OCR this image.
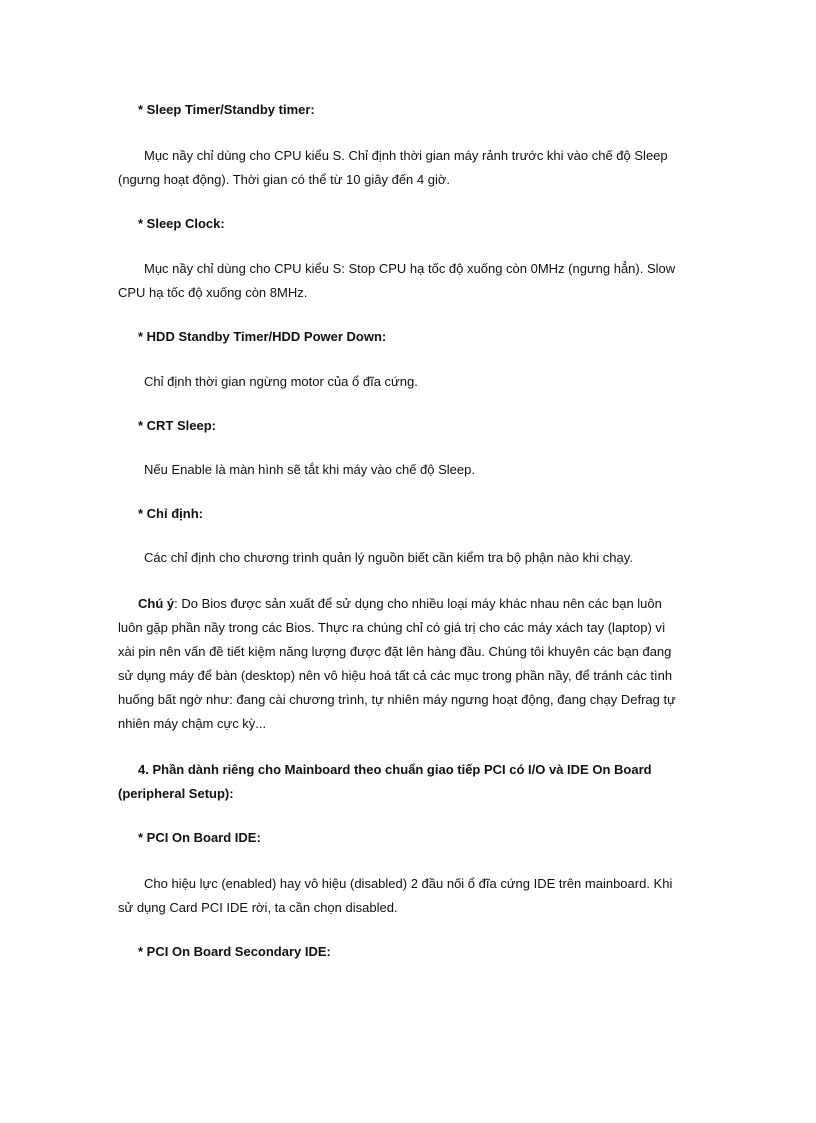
* Sleep Timer/Standby timer:
Mục nầy chỉ dùng cho CPU kiểu S. Chỉ định thời gian máy rảnh trước khi vào chế độ Sleep
(ngưng hoạt động). Thời gian có thể từ 10 giây đến 4 giờ.
* Sleep Clock:
Mục nầy chỉ dùng cho CPU kiểu S: Stop CPU hạ tốc độ xuống còn 0MHz (ngưng hẳn). Slow
CPU hạ tốc độ xuống còn 8MHz.
* HDD Standby Timer/HDD Power Down:
Chỉ định thời gian ngừng motor của ổ đĩa cứng.
* CRT Sleep:
Nếu Enable là màn hình sẽ tắt khi máy vào chế độ Sleep.
* Chỉ định:
Các chỉ định cho chương trình quản lý nguồn biết cần kiểm tra bộ phận nào khi chạy.
Chú ý: Do Bios được sản xuất để sử dụng cho nhiều loại máy khác nhau nên các bạn luôn
luôn gặp phần nầy trong các Bios. Thực ra chúng chỉ có giá trị cho các máy xách tay (laptop) vì
xài pin nên vấn đề tiết kiệm năng lượng được đặt lên hàng đầu. Chúng tôi khuyên các bạn đang
sử dụng máy để bàn (desktop) nên vô hiệu hoá tất cả các mục trong phần nầy, để tránh các tình
huống bất ngờ như: đang cài chương trình, tự nhiên máy ngưng hoạt động, đang chạy Defrag tự
nhiên máy chậm cực kỳ...
4. Phần dành riêng cho Mainboard theo chuẩn giao tiếp PCI có I/O và IDE On Board
(peripheral Setup):
* PCI On Board IDE:
Cho hiệu lực (enabled) hay vô hiệu (disabled) 2 đầu nối ổ đĩa cứng IDE trên mainboard. Khi
sử dụng Card PCI IDE rời, ta cần chọn disabled.
* PCI On Board Secondary IDE:
